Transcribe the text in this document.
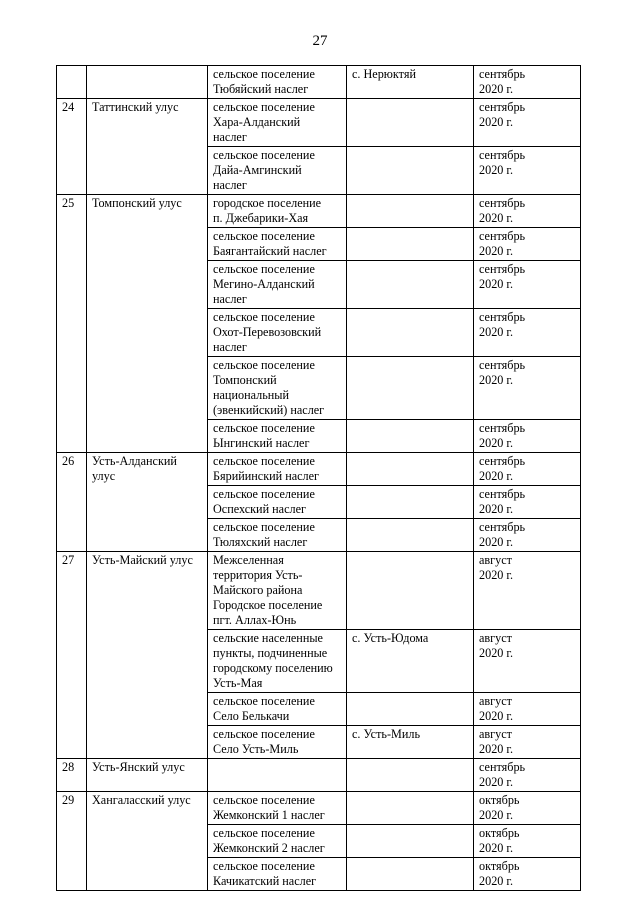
27
		сельское поселение
Тюбяйский наслег	с. Нерюктяй	сентябрь
2020 г.
24	Таттинский улус	сельское поселение
Хара-Алданский
наслег		сентябрь
2020 г.
		сельское поселение
Дайа-Амгинский
наслег		сентябрь
2020 г.
25	Томпонский улус	городское поселение
п. Джебарики-Хая		сентябрь
2020 г.
		сельское поселение
Баягантайский наслег		сентябрь
2020 г.
		сельское поселение
Мегино-Алданский
наслег		сентябрь
2020 г.
		сельское поселение
Охот-Перевозовский
наслег		сентябрь
2020 г.
		сельское поселение
Томпонский
национальный
(эвенкийский) наслег		сентябрь
2020 г.
		сельское поселение
Ынгинский наслег		сентябрь
2020 г.
26	Усть-Алданский
улус	сельское поселение
Бярийинский наслег		сентябрь
2020 г.
		сельское поселение
Оспехский наслег		сентябрь
2020 г.
		сельское поселение
Тюляхский наслег		сентябрь
2020 г.
27	Усть-Майский улус	Межселенная
территория Усть-
Майского района
Городское поселение
пгт. Аллах-Юнь		август
2020 г.
		сельские населенные
пункты, подчиненные
городскому поселению
Усть-Мая	с. Усть-Юдома	август
2020 г.
		сельское поселение
Село Белькачи		август
2020 г.
		сельское поселение
Село Усть-Миль	с. Усть-Миль	август
2020 г.
28	Усть-Янский улус			сентябрь
2020 г.
29	Хангаласский улус	сельское поселение
Жемконский 1 наслег		октябрь
2020 г.
		сельское поселение
Жемконский 2 наслег		октябрь
2020 г.
		сельское поселение
Качикатский наслег		октябрь
2020 г.
